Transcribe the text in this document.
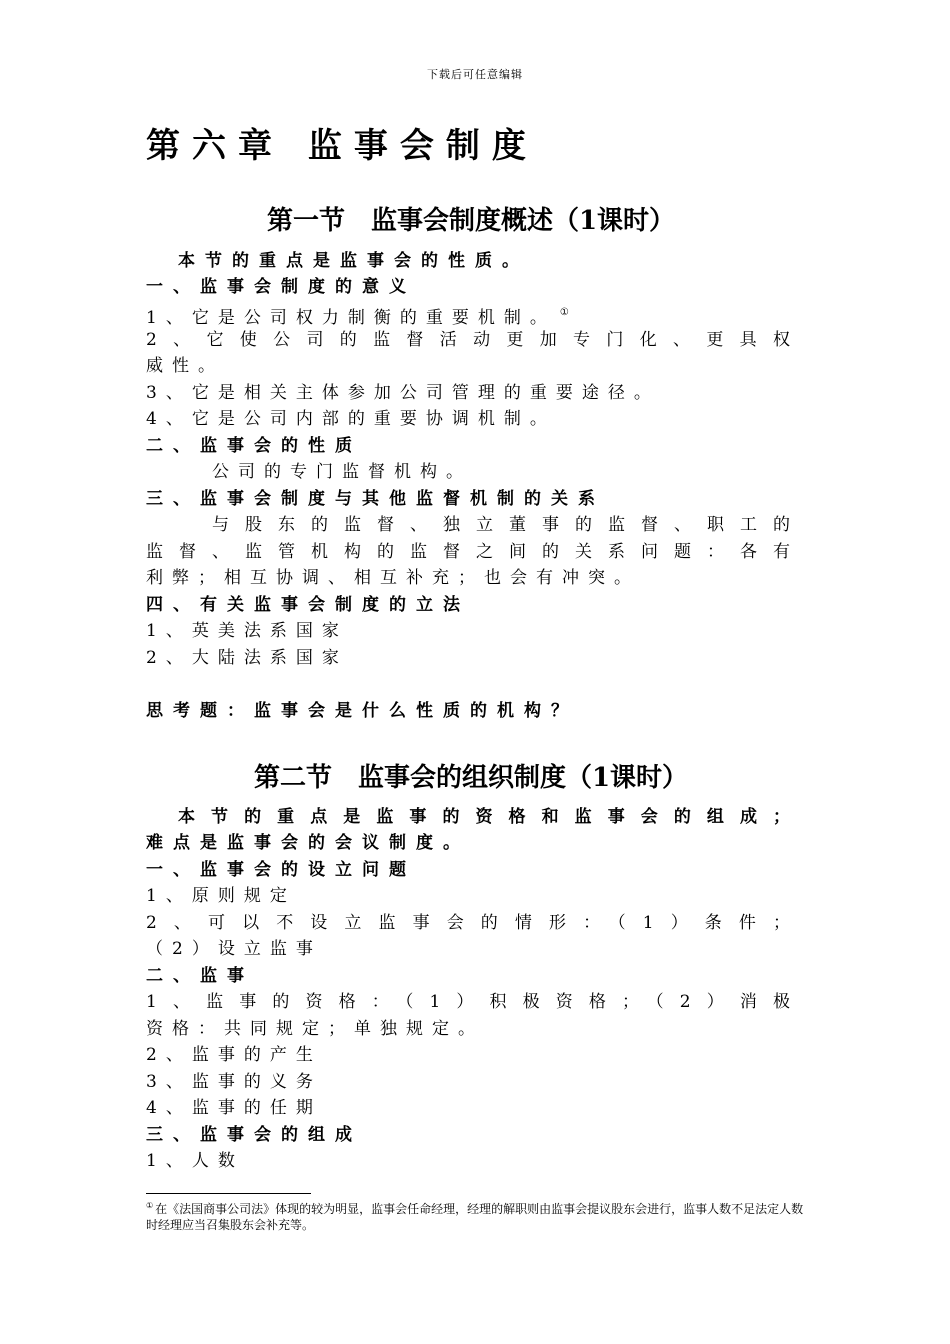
下载后可任意编辑
第六章 监事会制度
第一节　监事会制度概述（1课时）
本节的重点是监事会的性质。
一、监事会制度的意义
1、它是公司权力制衡的重要机制。 ①
2、它使公司的监督活动更加专门化、更具权
威性。
3、它是相关主体参加公司管理的重要途径。
4、它是公司内部的重要协调机制。
二、监事会的性质
公司的专门监督机构。
三、监事会制度与其他监督机制的关系
与股东的监督、独立董事的监督、职工的
监督、监管机构的监督之间的关系问题：各有
利弊；相互协调、相互补充；也会有冲突。
四、有关监事会制度的立法
1、英美法系国家
2、大陆法系国家
思考题：监事会是什么性质的机构？
第二节　监事会的组织制度（1课时）
本节的重点是监事的资格和监事会的组成；
难点是监事会的会议制度。
一、监事会的设立问题
1、原则规定
2、可以不设立监事会的情形：（1）条件；
（2）设立监事
二、监事
1、监事的资格：（1）积极资格；（2）消极
资格：共同规定；单独规定。
2、监事的产生
3、监事的义务
4、监事的任期
三、监事会的组成
1、人数
① 在《法国商事公司法》体现的较为明显，监事会任命经理，经理的解职则由监事会提议股东会进行，监事人数不足法定人数时经理应当召集股东会补充等。
